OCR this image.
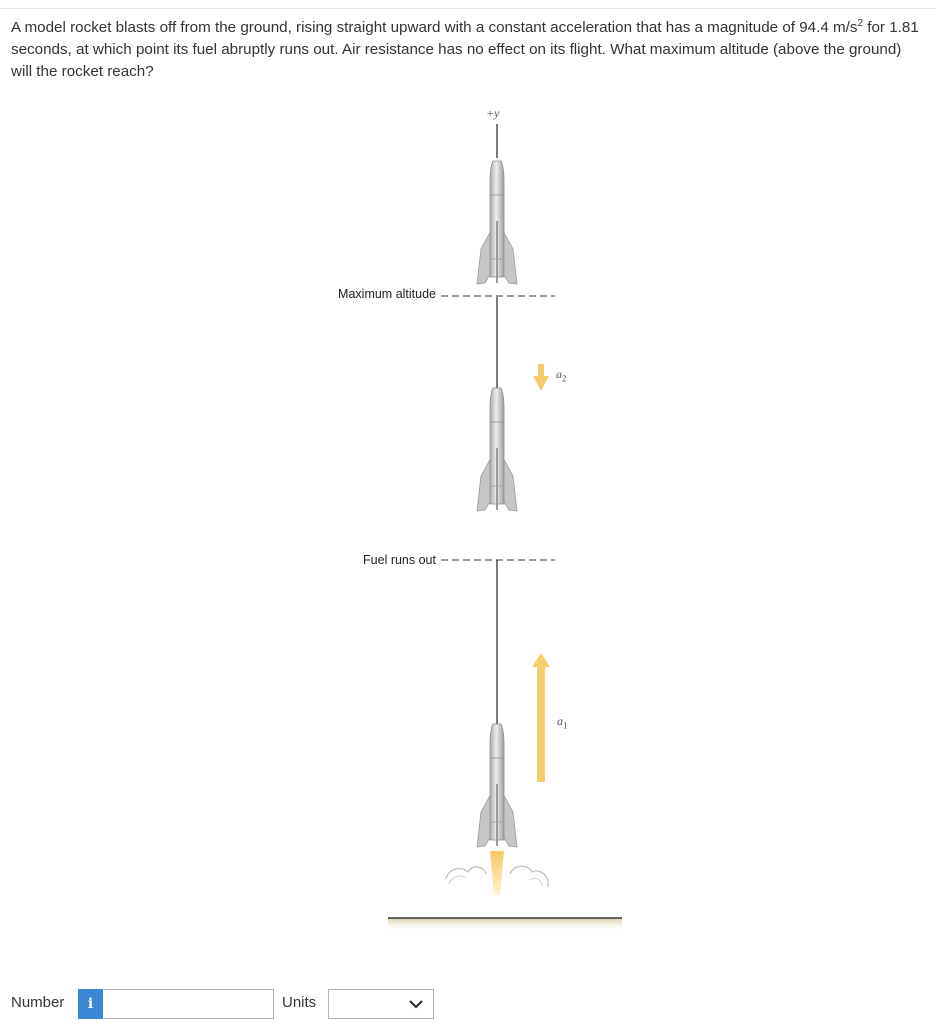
A model rocket blasts off from the ground, rising straight upward with a constant acceleration that has a magnitude of 94.4 $m/s^2$ for 1.81 seconds, at which point its fuel abruptly runs out. Air resistance has no effect on its flight. What maximum altitude (above the ground) will the rocket reach?
+y
Maximum altitude
Fuel runs out
$a_2$
$a_1$
Number	i	Units
